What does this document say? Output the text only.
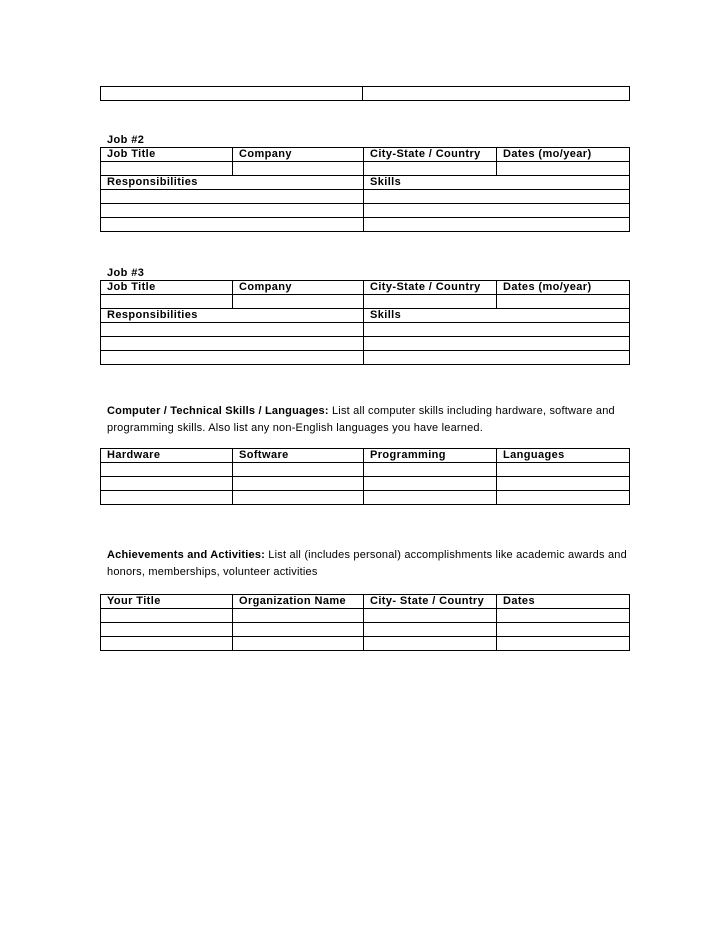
Job #2
Job Title	Company	City-State / Country	Dates (mo/year)

Responsibilities		Skills	

Job #3
Job Title	Company	City-State / Country	Dates (mo/year)

Responsibilities		Skills	

Computer / Technical Skills / Languages: List all computer skills including hardware, software and programming skills. Also list any non-English languages you have learned.
Hardware	Software	Programming	Languages

Achievements and Activities: List all (includes personal) accomplishments like academic awards and honors, memberships, volunteer activities
Your Title	Organization Name	City- State / Country	Dates
